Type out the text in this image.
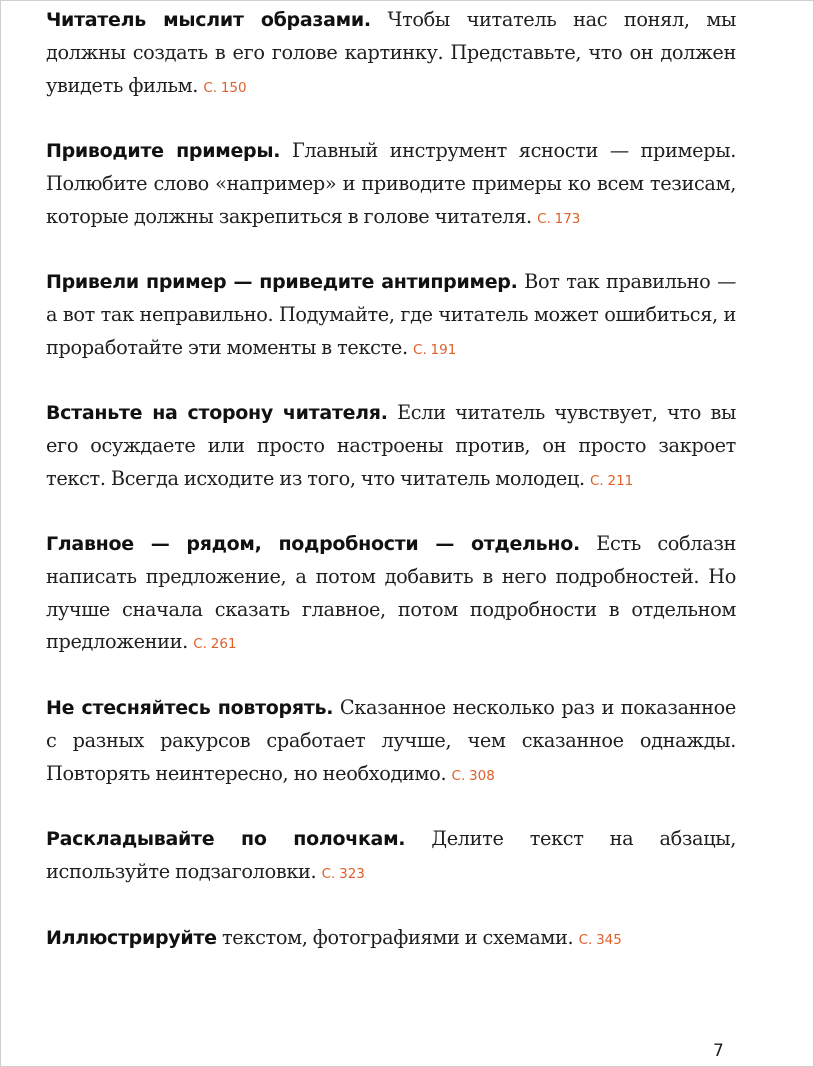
Читатель мыслит образами. Чтобы читатель нас понял, мы должны создать в его голове картинку. Представьте, что он должен увидеть фильм. С. 150

Приводите примеры. Главный инструмент ясности — примеры. Полюбите слово «например» и приводите примеры ко всем тезисам, которые должны закрепиться в голове читателя. С. 173

Привели пример — приведите антипример. Вот так правильно — а вот так неправильно. Подумайте, где читатель может ошибиться, и проработайте эти моменты в тексте. С. 191

Встаньте на сторону читателя. Если читатель чувствует, что вы его осуждаете или просто настроены против, он просто закроет текст. Всегда исходите из того, что читатель молодец. С. 211

Главное — рядом, подробности — отдельно. Есть соблазн написать предложение, а потом добавить в него подробностей. Но лучше сначала сказать главное, потом подробности в отдельном предложении. С. 261

Не стесняйтесь повторять. Сказанное несколько раз и показанное с разных ракурсов сработает лучше, чем сказанное однажды. Повторять неинтересно, но необходимо. С. 308

Раскладывайте по полочкам. Делите текст на абзацы, используйте подзаголовки. С. 323

Иллюстрируйте текстом, фотографиями и схемами. С. 345

7
